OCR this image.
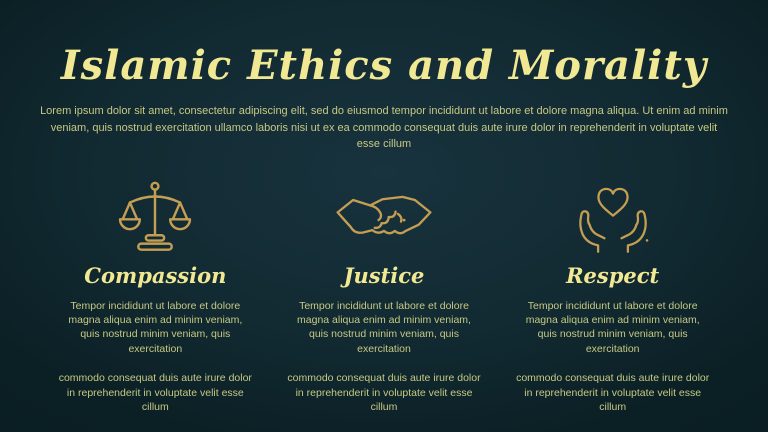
Islamic Ethics and Morality

Lorem ipsum dolor sit amet, consectetur adipiscing elit, sed do eiusmod tempor incididunt ut labore et dolore magna aliqua. Ut enim ad minim veniam, quis nostrud exercitation ullamco laboris nisi ut ex ea commodo consequat duis aute irure dolor in reprehenderit in voluptate velit esse cillum

Compassion

Tempor incididunt ut labore et dolore magna aliqua enim ad minim veniam, quis nostrud minim veniam, quis exercitation

commodo consequat duis aute irure dolor in reprehenderit in voluptate velit esse cillum

Justice

Tempor incididunt ut labore et dolore magna aliqua enim ad minim veniam, quis nostrud minim veniam, quis exercitation

commodo consequat duis aute irure dolor in reprehenderit in voluptate velit esse cillum

Respect

Tempor incididunt ut labore et dolore magna aliqua enim ad minim veniam, quis nostrud minim veniam, quis exercitation

commodo consequat duis aute irure dolor in reprehenderit in voluptate velit esse cillum
